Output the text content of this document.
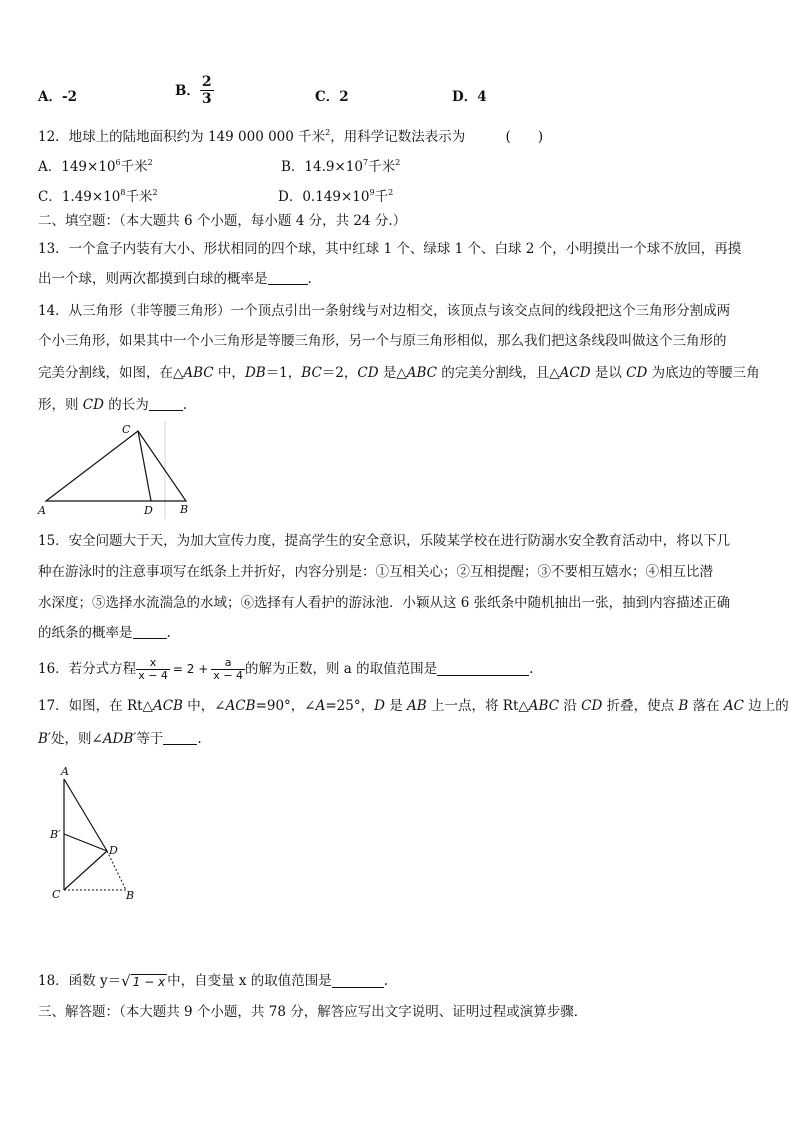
A．-2	B． $\frac{2}{3}$	C．2	D．4
12．地球上的陆地面积约为 149 000 000 千米$^2$，用科学记数法表示为	(　　)
A．$149\times 10^6$千米$^2$	B．$14.9\times 10^7$千米$^2$
C．$1.49\times 10^8$千米$^2$	D．$0.149\times 10^9$千$^2$
二、填空题：（本大题共 6 个小题，每小题 4 分，共 24 分.）
13．一个盒子内装有大小、形状相同的四个球，其中红球 1 个、绿球 1 个、白球 2 个，小明摸出一个球不放回，再摸
出一个球，则两次都摸到白球的概率是	.
14．从三角形（非等腰三角形）一个顶点引出一条射线与对边相交，该顶点与该交点间的线段把这个三角形分割成两
个小三角形，如果其中一个小三角形是等腰三角形，另一个与原三角形相似，那么我们把这条线段叫做这个三角形的
完美分割线，如图，在△ABC 中，DB＝1，BC＝2，CD 是△ABC 的完美分割线，且△ACD 是以 CD 为底边的等腰三角
形，则 CD 的长为	.
C
A	D B
15．安全问题大于天，为加大宣传力度，提高学生的安全意识，乐陵某学校在进行防溺水安全教育活动中，将以下几
种在游泳时的注意事项写在纸条上并折好，内容分别是：①互相关心；②互相提醒；③不要相互嬉水；④相互比潜
水深度；⑤选择水流湍急的水域；⑥选择有人看护的游泳池．小颖从这 6 张纸条中随机抽出一张，抽到内容描述正确
的纸条的概率是	.
16．若分式方程 $\frac{x}{x - 4} = 2 + \frac{a}{x - 4}$ 的解为正数，则 a 的取值范围是	.
17．如图，在 Rt△ACB 中，∠ACB=90°，∠A=25°，D 是 AB 上一点，将 Rt△ABC 沿 CD 折叠，使点 B 落在 AC 边上的
B′处，则∠ADB′等于	.
A
B′
D
C	B
18．函数 y＝ √ 1 − x 中，自变量 x 的取值范围是	.
三、解答题：（本大题共 9 个小题，共 78 分，解答应写出文字说明、证明过程或演算步骤．
